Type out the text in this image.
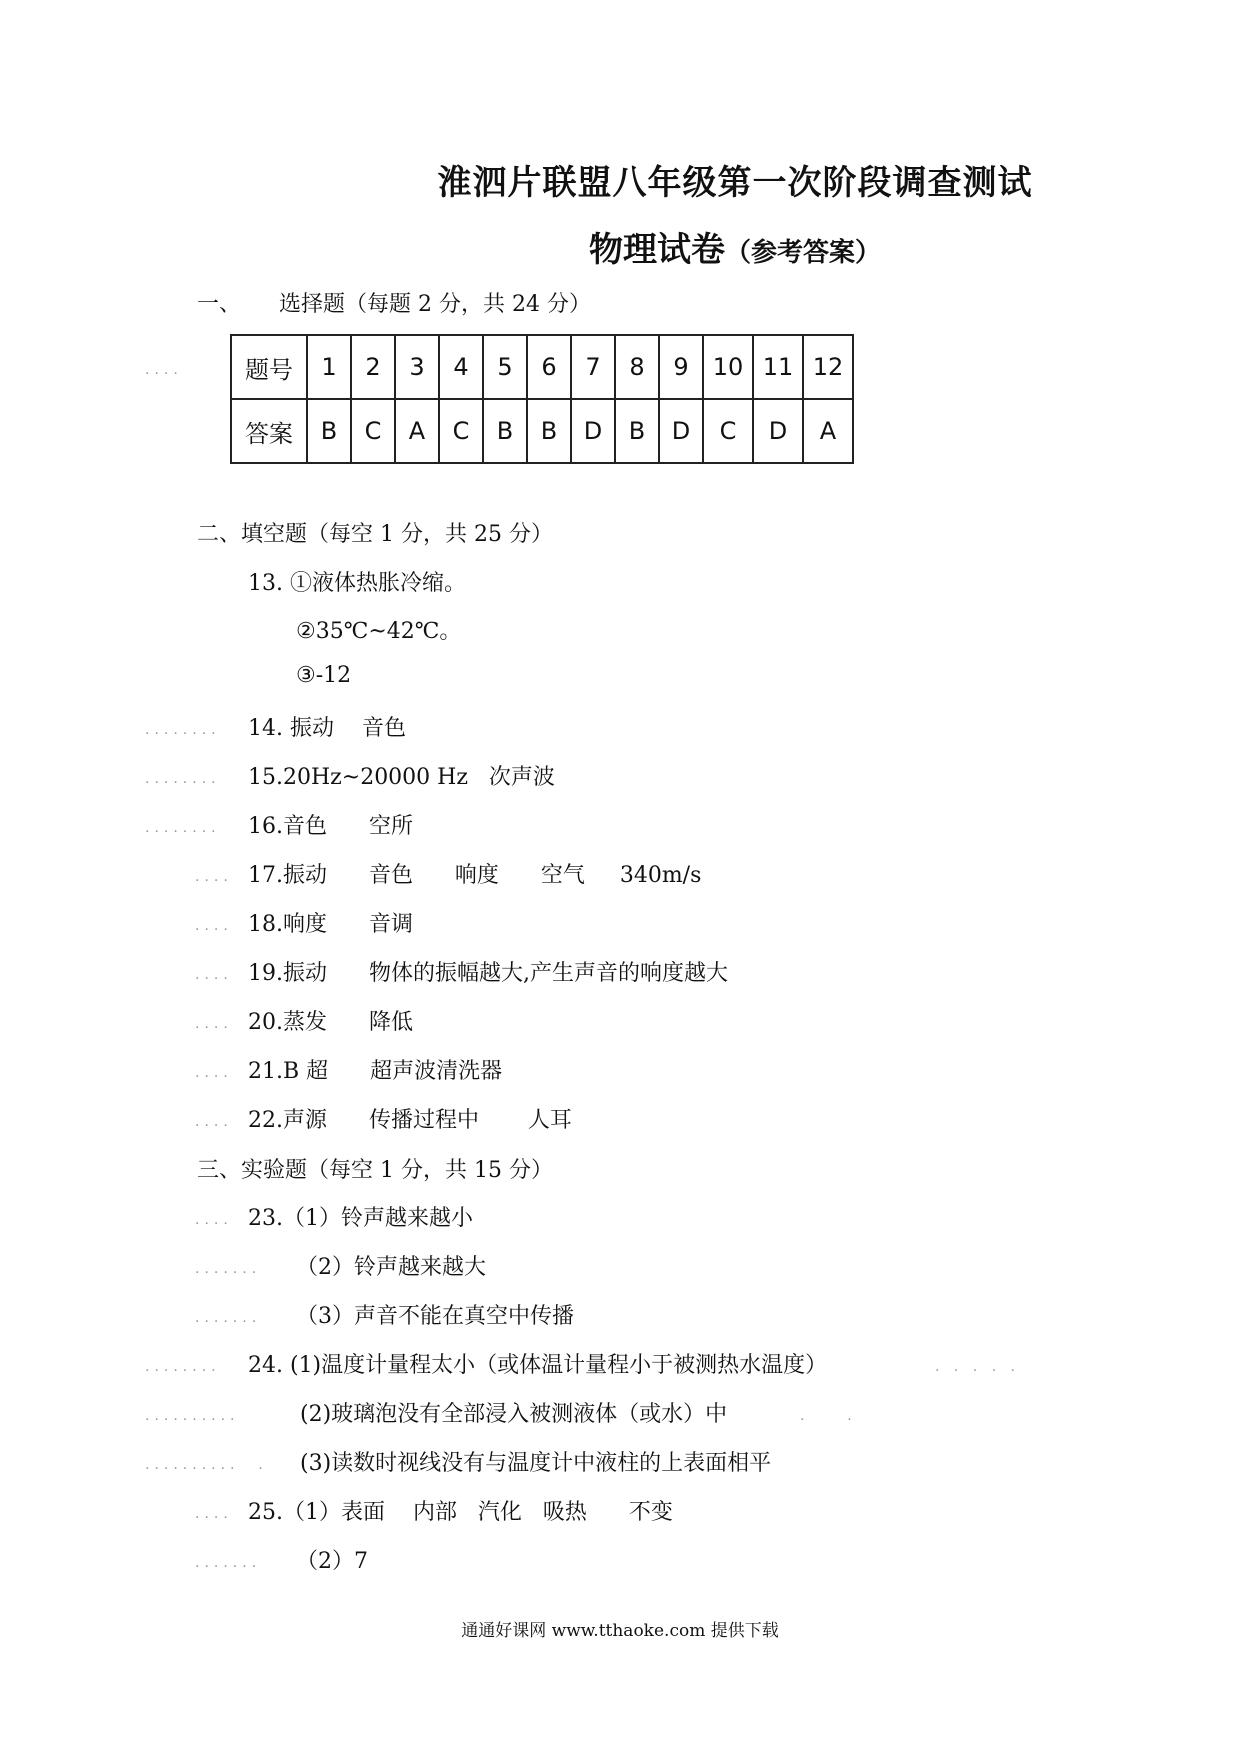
淮泗片联盟八年级第一次阶段调查测试
物理试卷（参考答案）
一、 选择题（每题 2 分，共 24 分）
....	题号	1	2	3	4	5	6	7	8	9	10	11	12
答案	B	C	A	C	B	B	D	B	D	C	D	A
二、填空题（每空 1 分，共 25 分）
13. ①液体热胀冷缩。
②35℃~42℃。
③-12
........ 14. 振动    音色
........ 15.20Hz~20000 Hz   次声波
........ 16.音色      空所
.... 17.振动      音色      响度      空气     340m/s
.... 18.响度      音调
.... 19.振动      物体的振幅越大,产生声音的响度越大
.... 20.蒸发      降低
.... 21.B 超      超声波清洗器
.... 22.声源      传播过程中       人耳
三、实验题（每空 1 分，共 15 分）
.... 23.（1）铃声越来越小
....... （2）铃声越来越大
....... （3）声音不能在真空中传播
........ 24. (1)温度计量程太小（或体温计量程小于被测热水温度）	. . . . .
..........	(2)玻璃泡没有全部浸入被测液体（或水）中	.    .
..........  . (3)读数时视线没有与温度计中液柱的上表面相平
.... 25.（1）表面    内部   汽化   吸热      不变
....... （2）7
通通好课网 www.tthaoke.com 提供下载
